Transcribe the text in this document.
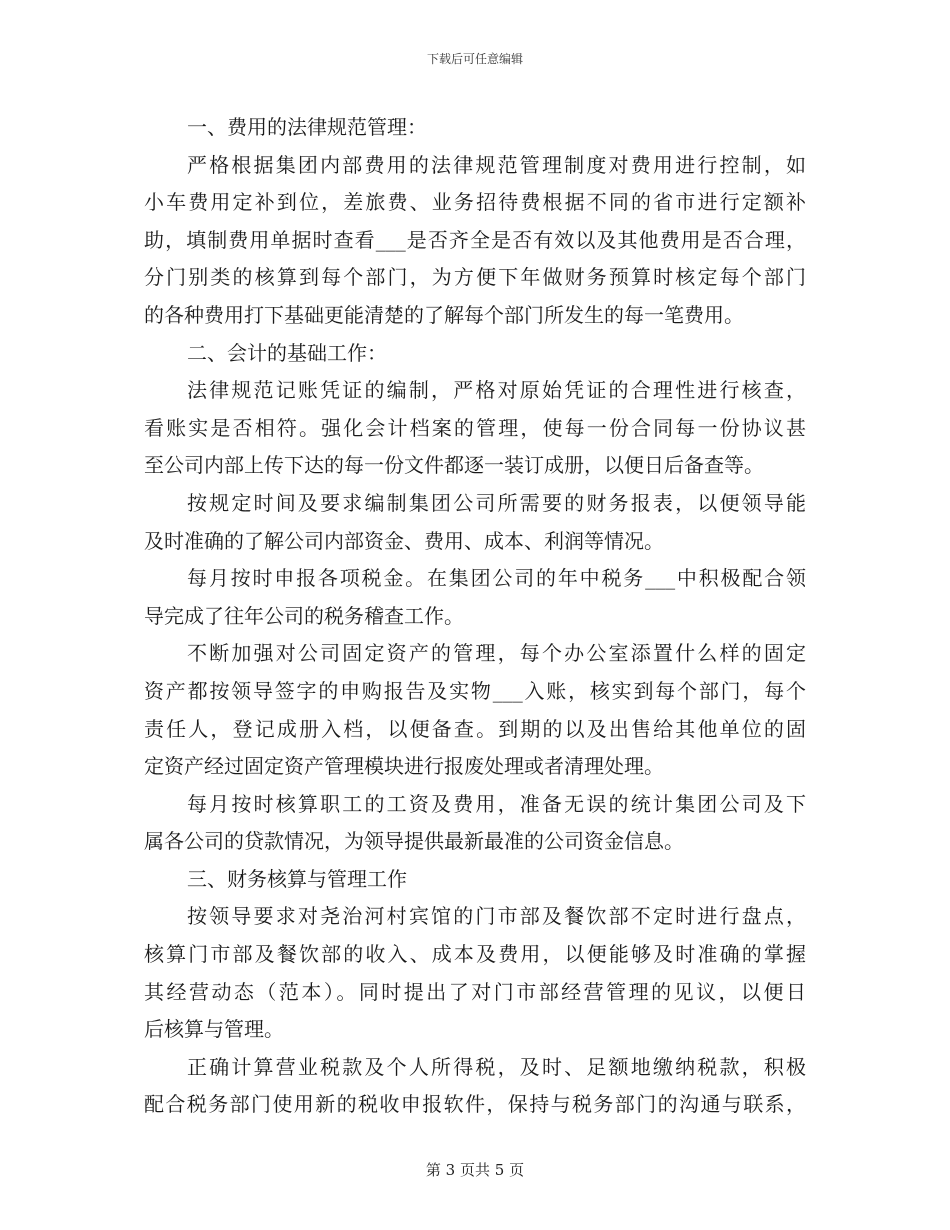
下载后可任意编辑
一、费用的法律规范管理：
严格根据集团内部费用的法律规范管理制度对费用进行控制，如
小车费用定补到位，差旅费、业务招待费根据不同的省市进行定额补
助，填制费用单据时查看___是否齐全是否有效以及其他费用是否合理，
分门别类的核算到每个部门，为方便下年做财务预算时核定每个部门
的各种费用打下基础更能清楚的了解每个部门所发生的每一笔费用。
二、会计的基础工作：
法律规范记账凭证的编制，严格对原始凭证的合理性进行核查，
看账实是否相符。强化会计档案的管理，使每一份合同每一份协议甚
至公司内部上传下达的每一份文件都逐一装订成册，以便日后备查等。
按规定时间及要求编制集团公司所需要的财务报表，以便领导能
及时准确的了解公司内部资金、费用、成本、利润等情况。
每月按时申报各项税金。在集团公司的年中税务___中积极配合领
导完成了往年公司的税务稽查工作。
不断加强对公司固定资产的管理，每个办公室添置什么样的固定
资产都按领导签字的申购报告及实物___入账，核实到每个部门，每个
责任人，登记成册入档，以便备查。到期的以及出售给其他单位的固
定资产经过固定资产管理模块进行报废处理或者清理处理。
每月按时核算职工的工资及费用，准备无误的统计集团公司及下
属各公司的贷款情况，为领导提供最新最准的公司资金信息。
三、财务核算与管理工作
按领导要求对尧治河村宾馆的门市部及餐饮部不定时进行盘点，
核算门市部及餐饮部的收入、成本及费用，以便能够及时准确的掌握
其经营动态（范本）。同时提出了对门市部经营管理的见议，以便日
后核算与管理。
正确计算营业税款及个人所得税，及时、足额地缴纳税款，积极
配合税务部门使用新的税收申报软件，保持与税务部门的沟通与联系，
第 3 页共 5 页
